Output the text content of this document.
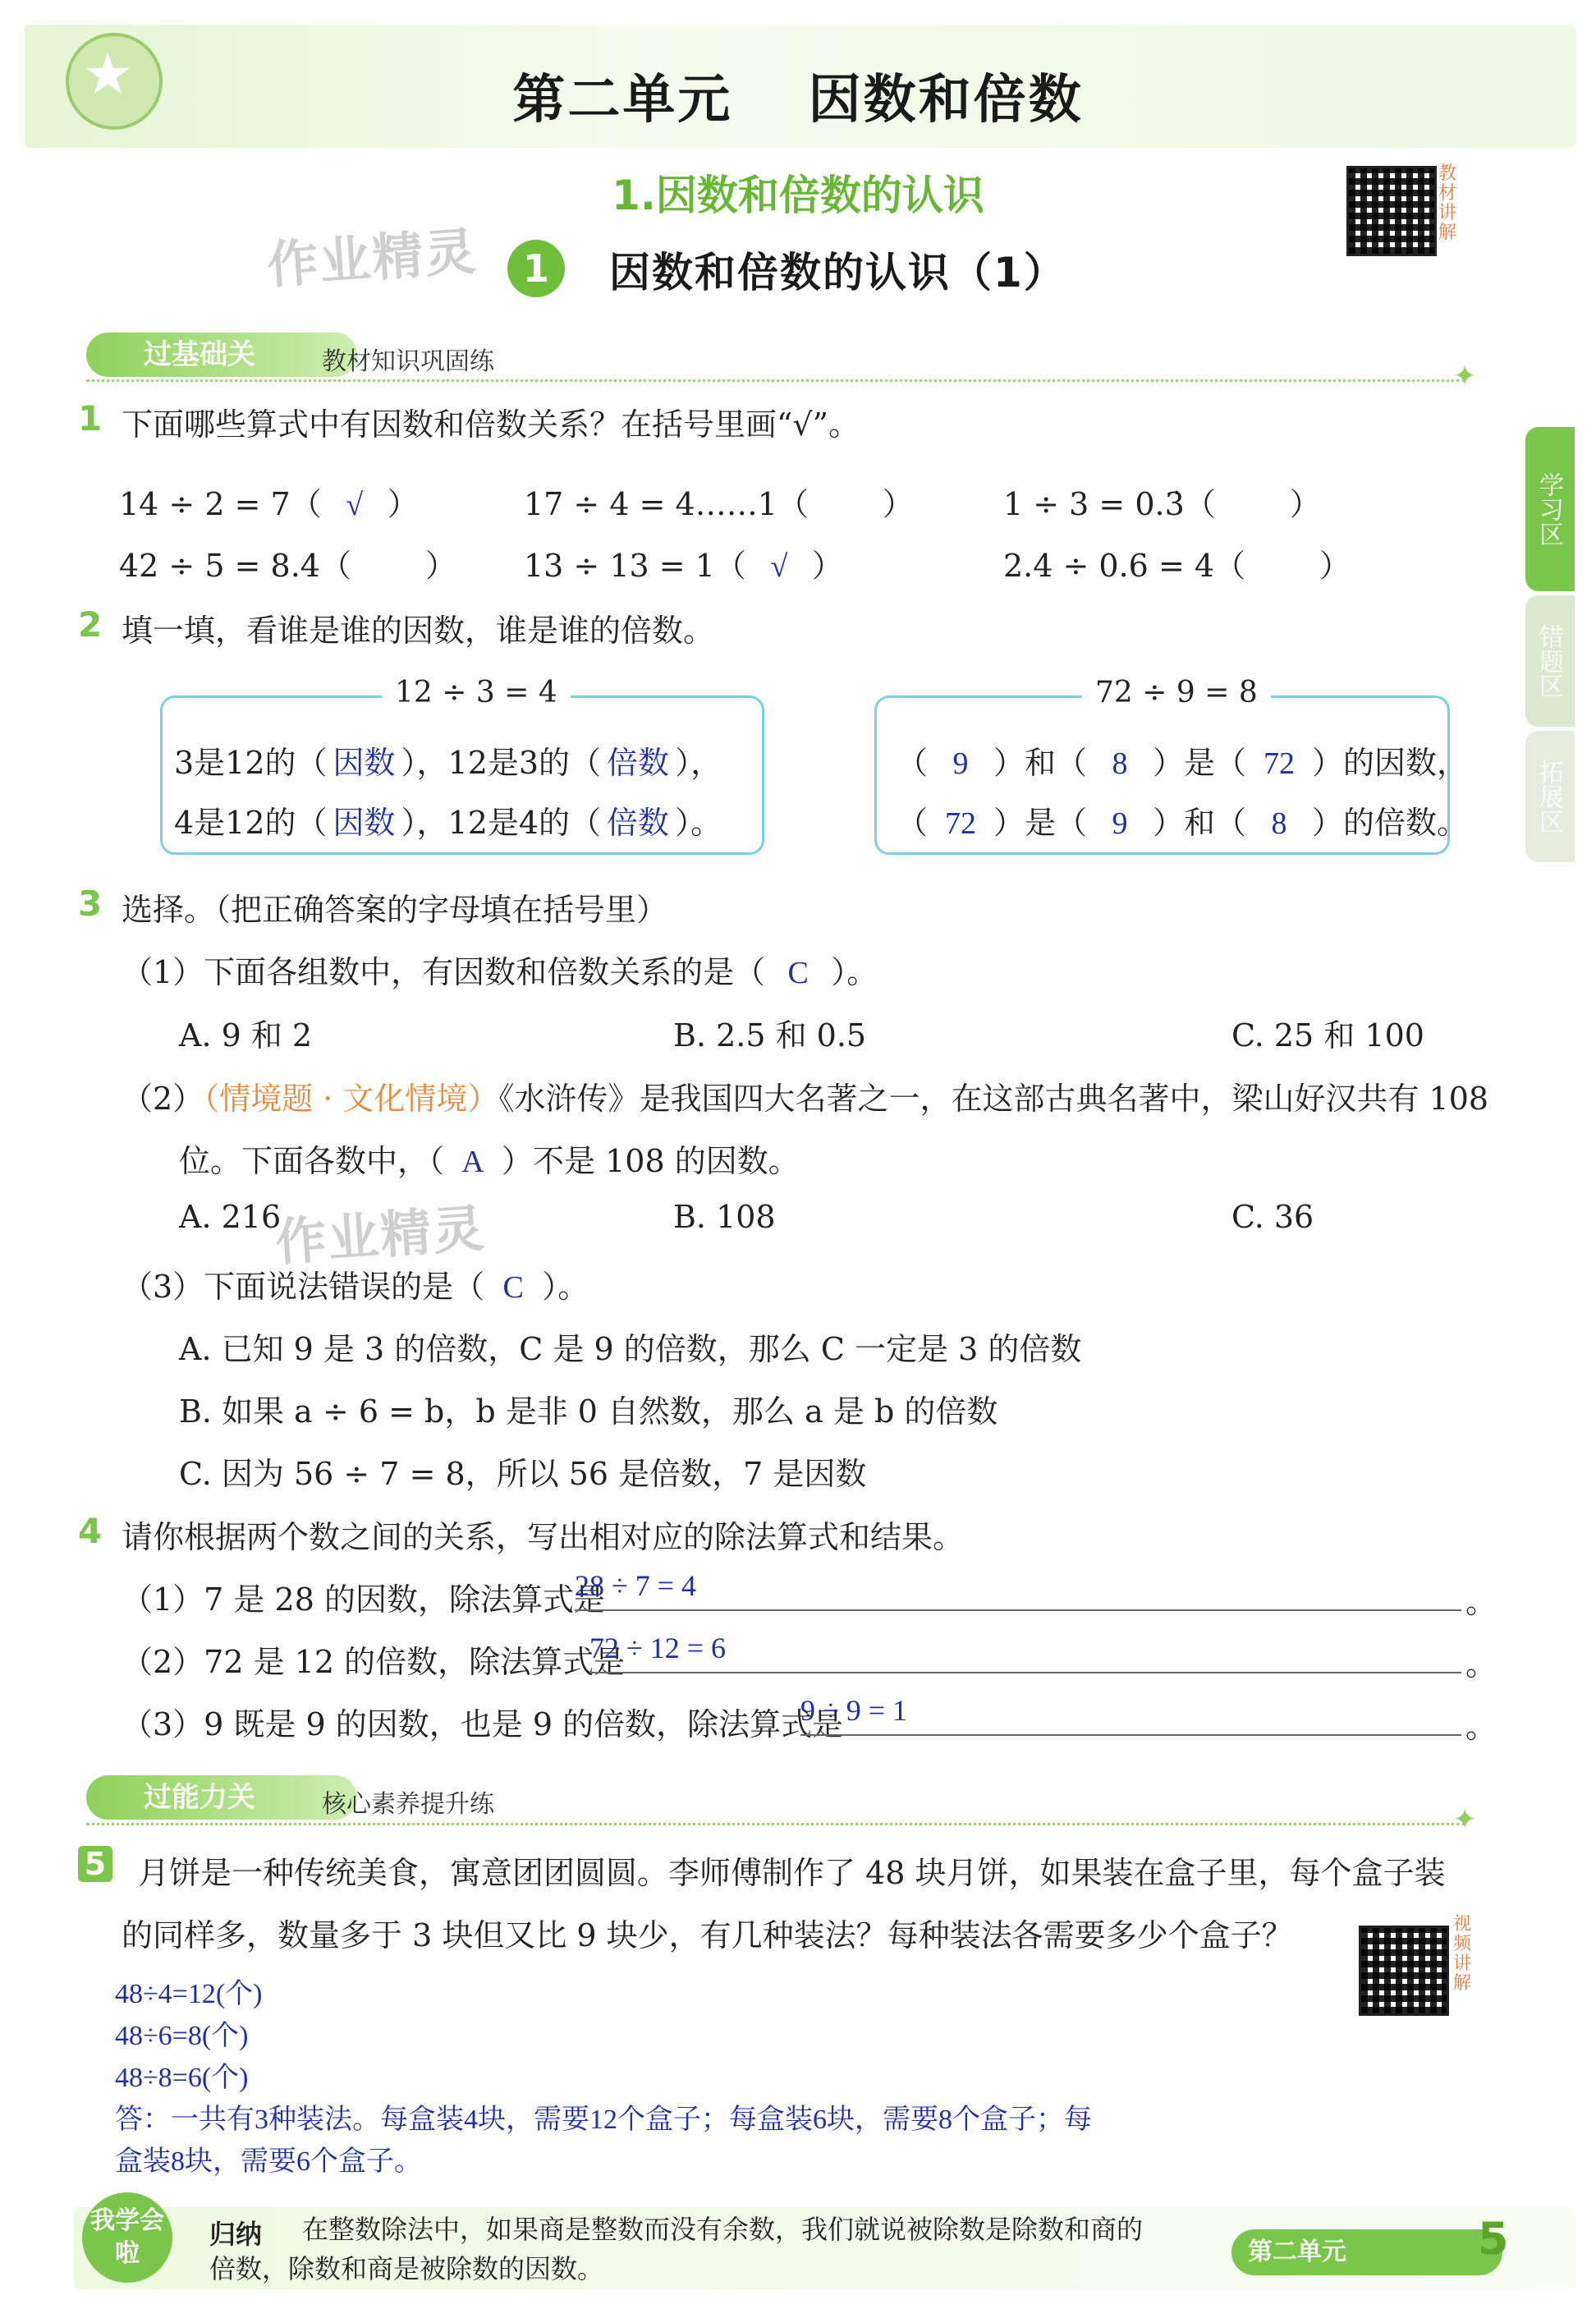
★	第二单元　 因数和倍数
1.因数和倍数的认识	教材讲解
作业精灵	1	因数和倍数的认识（1）
过基础关	教材知识巩固练	✦
1 下面哪些算式中有因数和倍数关系？在括号里画“√”。
14 ÷ 2 = 7（ √ ）	17 ÷ 4 = 4……1（ ）	1 ÷ 3 = 0.3̇（ ）
42 ÷ 5 = 8.4（ ） 13 ÷ 13 = 1（ √ ）	2.4 ÷ 0.6 = 4（ ）
2 填一填，看谁是谁的因数，谁是谁的倍数。
12 ÷ 3 = 4
3是12的（ 因数 ），12是3的（ 倍数 ），
4是12的（ 因数 ），12是4的（ 倍数 ）。
72 ÷ 9 = 8
（ 9 ）和（ 8 ）是（ 72 ）的因数，
（ 72 ）是（ 9 ）和（ 8 ）的倍数。
3 选择。（把正确答案的字母填在括号里）
（1）下面各组数中，有因数和倍数关系的是（ C ）。
A. 9 和 2	B. 2.5 和 0.5	C. 25 和 100
（2）（情境题 · 文化情境）《水浒传》是我国四大名著之一，在这部古典名著中，梁山好汉共有 108
位。下面各数中，（ A ）不是 108 的因数。
A. 216
作业精灵	B. 108	C. 36
（3）下面说法错误的是（ C ）。
A. 已知 9 是 3 的倍数，C 是 9 的倍数，那么 C 一定是 3 的倍数
B. 如果 a ÷ 6 = b，b 是非 0 自然数，那么 a 是 b 的倍数
C. 因为 56 ÷ 7 = 8，所以 56 是倍数，7 是因数
4 请你根据两个数之间的关系，写出相对应的除法算式和结果。
（1）7 是 28 的因数，除法算式是
28 ÷ 7 = 4	。
（2）72 是 12 的倍数，除法算式是
72 ÷ 12 = 6	。
（3）9 既是 9 的因数，也是 9 的倍数，除法算式是
9 ÷ 9 = 1	。
过能力关	核心素养提升练	✦
5 月饼是一种传统美食，寓意团团圆圆。李师傅制作了 48 块月饼，如果装在盒子里，每个盒子装
的同样多，数量多于 3 块但又比 9 块少，有几种装法？每种装法各需要多少个盒子？	视频讲解
48÷4=12(个)
48÷6=8(个)
48÷8=6(个)
答：一共有3种装法。每盒装4块，需要12个盒子；每盒装6块，需要8个盒子；每
盒装8块，需要6个盒子。
学习区
错题区
拓展区
我学会啦
归纳 在整数除法中，如果商是整数而没有余数，我们就说被除数是除数和商的
倍数，除数和商是被除数的因数。
第二单元	5
